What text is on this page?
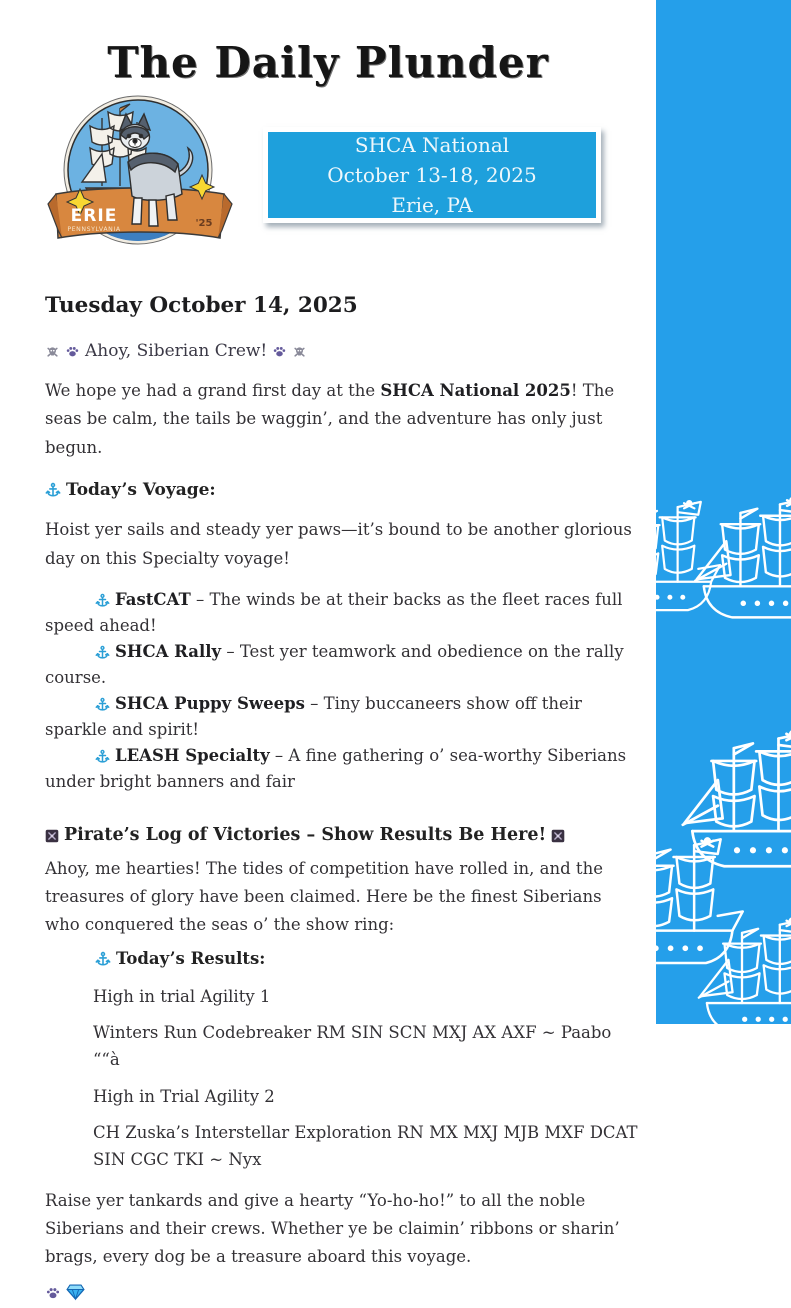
The Daily Plunder
ERIE
PENNSYLVANIA
'25
SHCA National
October 13-18, 2025
Erie, PA
Tuesday October 14, 2025

Ahoy, Siberian Crew!

We hope ye had a grand first day at the SHCA National 2025! The seas be calm, the tails be waggin’, and the adventure has only just begun.

Today’s Voyage:

Hoist yer sails and steady yer paws—it’s bound to be another glorious day on this Specialty voyage!

FastCAT – The winds be at their backs as the fleet races full speed ahead!

SHCA Rally – Test yer teamwork and obedience on the rally course.

SHCA Puppy Sweeps – Tiny buccaneers show off their sparkle and spirit!

LEASH Specialty – A fine gathering o’ sea-worthy Siberians under bright banners and fair

Pirate’s Log of Victories – Show Results Be Here!

Ahoy, me hearties! The tides of competition have rolled in, and the treasures of glory have been claimed. Here be the finest Siberians who conquered the seas o’ the show ring:

Today’s Results:

High in trial Agility 1

Winters Run Codebreaker RM SIN SCN MXJ AX AXF ~ Paabo ““à

High in Trial Agility 2

CH Zuska’s Interstellar Exploration RN MX MXJ MJB MXF DCAT SIN CGC TKI ~ Nyx

Raise yer tankards and give a hearty “Yo-ho-ho!” to all the noble Siberians and their crews. Whether ye be claimin’ ribbons or sharin’ brags, every dog be a treasure aboard this voyage.
